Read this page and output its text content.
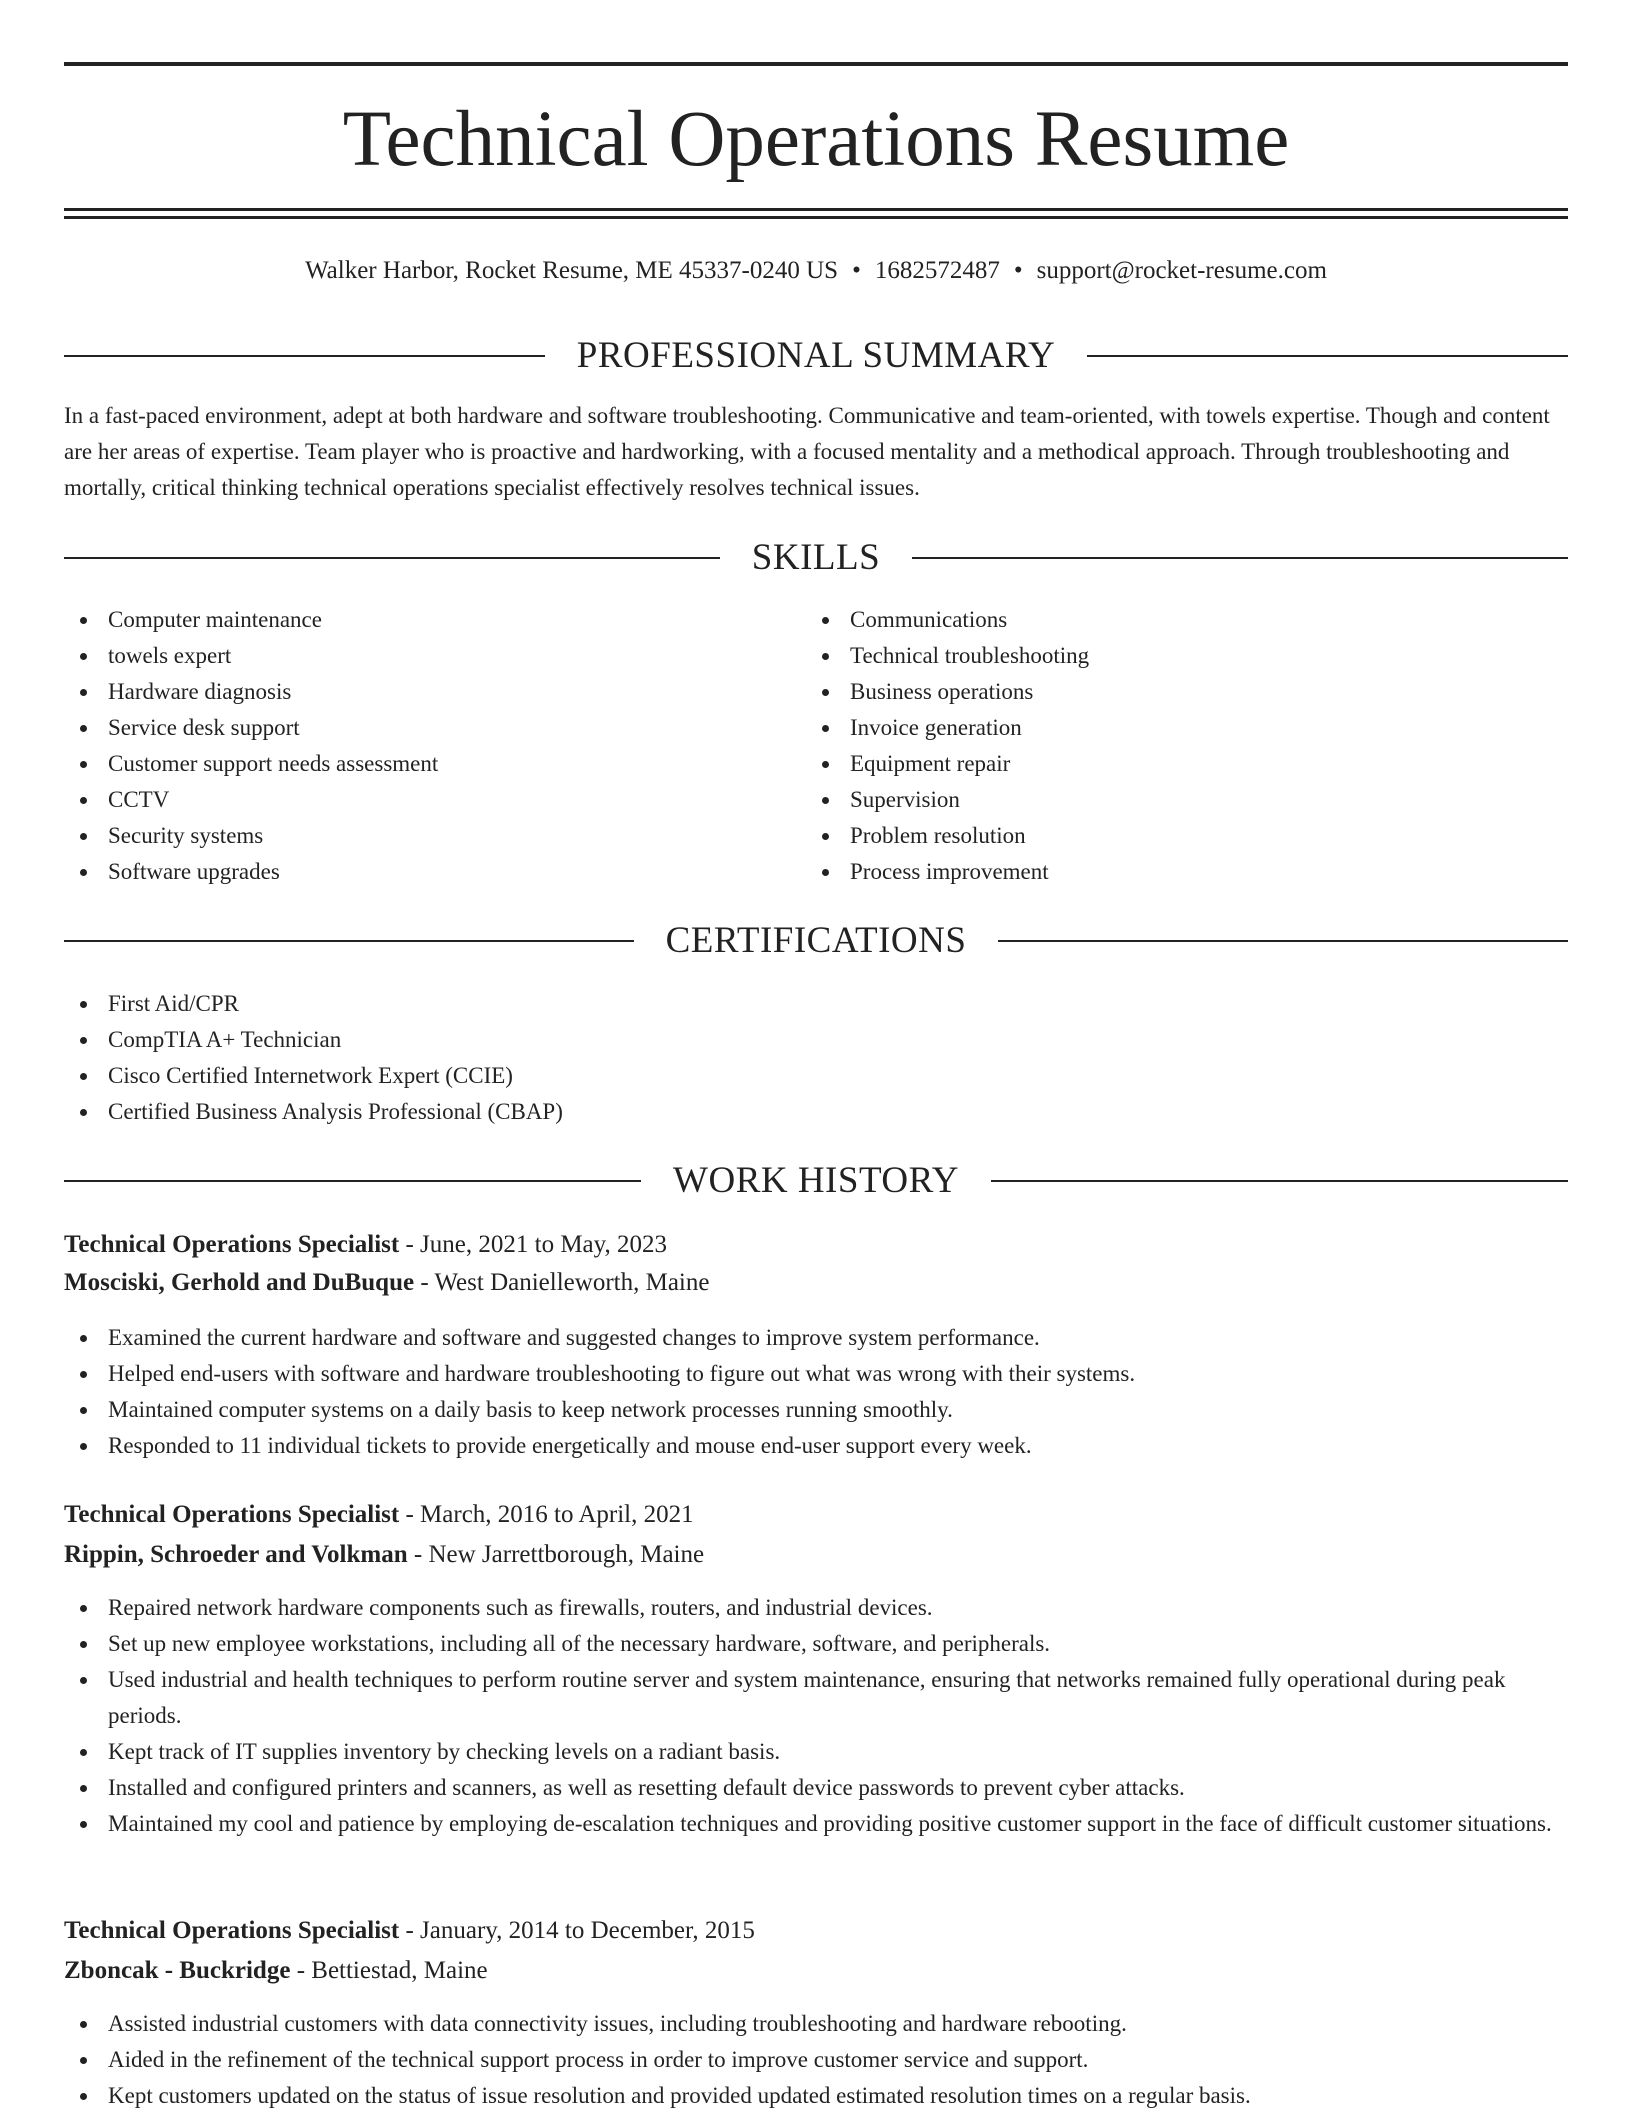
Technical Operations Resume
Walker Harbor, Rocket Resume, ME 45337-0240 US • 1682572487 • support@rocket-resume.com
PROFESSIONAL SUMMARY

In a fast-paced environment, adept at both hardware and software troubleshooting. Communicative and team-oriented, with towels expertise. Though and content are her areas of expertise. Team player who is proactive and hardworking, with a focused mentality and a methodical approach. Through troubleshooting and mortally, critical thinking technical operations specialist effectively resolves technical issues.

SKILLS
Computer maintenance
towels expert
Hardware diagnosis
Service desk support
Customer support needs assessment
CCTV
Security systems
Software upgrades
Communications
Technical troubleshooting
Business operations
Invoice generation
Equipment repair
Supervision
Problem resolution
Process improvement
CERTIFICATIONS
First Aid/CPR
CompTIA A+ Technician
Cisco Certified Internetwork Expert (CCIE)
Certified Business Analysis Professional (CBAP)
WORK HISTORY
Technical Operations Specialist - June, 2021 to May, 2023
Mosciski, Gerhold and DuBuque - West Danielleworth, Maine
Examined the current hardware and software and suggested changes to improve system performance.
Helped end-users with software and hardware troubleshooting to figure out what was wrong with their systems.
Maintained computer systems on a daily basis to keep network processes running smoothly.
Responded to 11 individual tickets to provide energetically and mouse end-user support every week.
Technical Operations Specialist - March, 2016 to April, 2021
Rippin, Schroeder and Volkman - New Jarrettborough, Maine
Repaired network hardware components such as firewalls, routers, and industrial devices.
Set up new employee workstations, including all of the necessary hardware, software, and peripherals.
Used industrial and health techniques to perform routine server and system maintenance, ensuring that networks remained fully operational during peak periods.
Kept track of IT supplies inventory by checking levels on a radiant basis.
Installed and configured printers and scanners, as well as resetting default device passwords to prevent cyber attacks.
Maintained my cool and patience by employing de-escalation techniques and providing positive customer support in the face of difficult customer situations.
Technical Operations Specialist - January, 2014 to December, 2015
Zboncak - Buckridge - Bettiestad, Maine
Assisted industrial customers with data connectivity issues, including troubleshooting and hardware rebooting.
Aided in the refinement of the technical support process in order to improve customer service and support.
Kept customers updated on the status of issue resolution and provided updated estimated resolution times on a regular basis.
